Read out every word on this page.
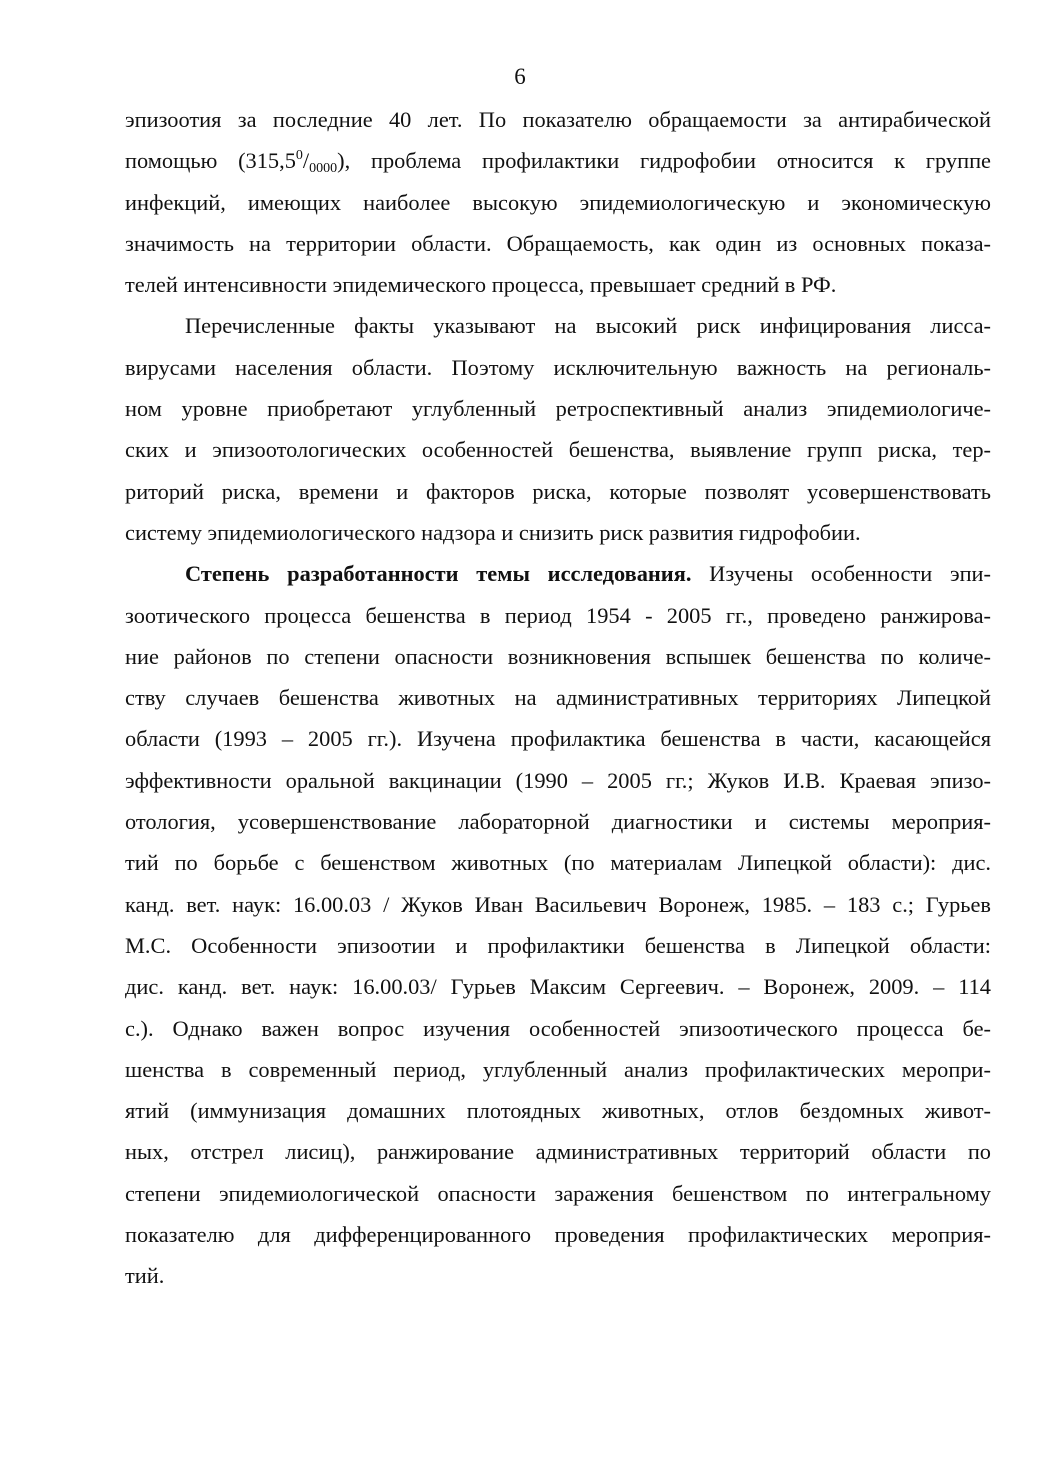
6
эпизоотия за последние 40 лет. По показателю обращаемости за антирабической
помощью $(315,5^0/_{0000})$, проблема профилактики гидрофобии относится к группе
инфекций, имеющих наиболее высокую эпидемиологическую и экономическую
значимость на территории области. Обращаемость, как один из основных показа-
телей интенсивности эпидемического процесса, превышает средний в РФ.
Перечисленные факты указывают на высокий риск инфицирования лисса-
вирусами населения области. Поэтому исключительную важность на региональ-
ном уровне приобретают углубленный ретроспективный анализ эпидемиологиче-
ских и эпизоотологических особенностей бешенства, выявление групп риска, тер-
риторий риска, времени и факторов риска, которые позволят усовершенствовать
систему эпидемиологического надзора и снизить риск развития гидрофобии.
Степень разработанности темы исследования. Изучены особенности эпи-
зоотического процесса бешенства в период 1954 - 2005 гг., проведено ранжирова-
ние районов по степени опасности возникновения вспышек бешенства по количе-
ству случаев бешенства животных на административных территориях Липецкой
области (1993 – 2005 гг.). Изучена профилактика бешенства в части, касающейся
эффективности оральной вакцинации (1990 – 2005 гг.; Жуков И.В. Краевая эпизо-
отология, усовершенствование лабораторной диагностики и системы мероприя-
тий по борьбе с бешенством животных (по материалам Липецкой области): дис.
канд. вет. наук: 16.00.03 / Жуков Иван Васильевич Воронеж, 1985. – 183 с.; Гурьев
М.С. Особенности эпизоотии и профилактики бешенства в Липецкой области:
дис. канд. вет. наук: 16.00.03/ Гурьев Максим Сергеевич. – Воронеж, 2009. – 114
с.). Однако важен вопрос изучения особенностей эпизоотического процесса бе-
шенства в современный период, углубленный анализ профилактических меропри-
ятий (иммунизация домашних плотоядных животных, отлов бездомных живот-
ных, отстрел лисиц), ранжирование административных территорий области по
степени эпидемиологической опасности заражения бешенством по интегральному
показателю для дифференцированного проведения профилактических мероприя-
тий.
